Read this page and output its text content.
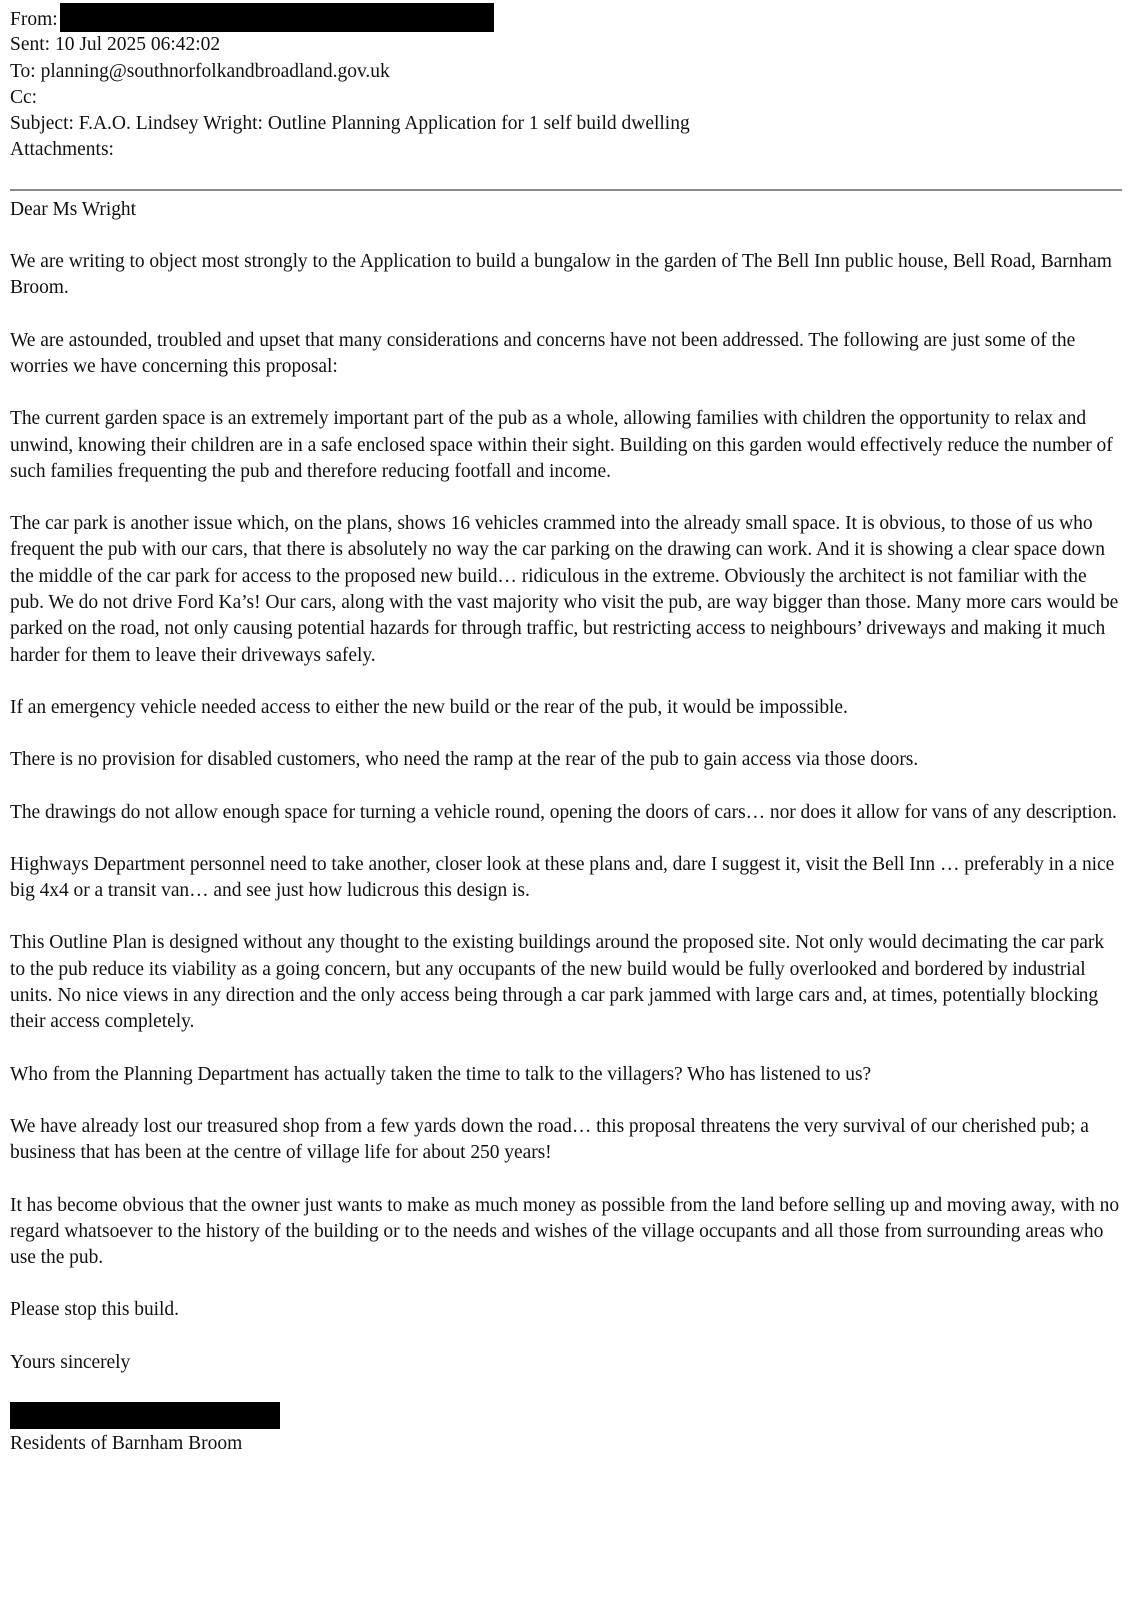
From:
Sent: 10 Jul 2025 06:42:02
To: planning@southnorfolkandbroadland.gov.uk
Cc:
Subject: F.A.O. Lindsey Wright: Outline Planning Application for 1 self build dwelling
Attachments:

Dear Ms Wright

We are writing to object most strongly to the Application to build a bungalow in the garden of The Bell Inn public house, Bell Road, Barnham Broom.

We are astounded, troubled and upset that many considerations and concerns have not been addressed. The following are just some of the worries we have concerning this proposal:

The current garden space is an extremely important part of the pub as a whole, allowing families with children the opportunity to relax and unwind, knowing their children are in a safe enclosed space within their sight. Building on this garden would effectively reduce the number of such families frequenting the pub and therefore reducing footfall and income.

The car park is another issue which, on the plans, shows 16 vehicles crammed into the already small space. It is obvious, to those of us who frequent the pub with our cars, that there is absolutely no way the car parking on the drawing can work. And it is showing a clear space down the middle of the car park for access to the proposed new build… ridiculous in the extreme. Obviously the architect is not familiar with the pub. We do not drive Ford Ka’s! Our cars, along with the vast majority who visit the pub, are way bigger than those. Many more cars would be parked on the road, not only causing potential hazards for through traffic, but restricting access to neighbours’ driveways and making it much harder for them to leave their driveways safely.

If an emergency vehicle needed access to either the new build or the rear of the pub, it would be impossible.

There is no provision for disabled customers, who need the ramp at the rear of the pub to gain access via those doors.

The drawings do not allow enough space for turning a vehicle round, opening the doors of cars… nor does it allow for vans of any description.

Highways Department personnel need to take another, closer look at these plans and, dare I suggest it, visit the Bell Inn … preferably in a nice big 4x4 or a transit van… and see just how ludicrous this design is.

This Outline Plan is designed without any thought to the existing buildings around the proposed site. Not only would decimating the car park to the pub reduce its viability as a going concern, but any occupants of the new build would be fully overlooked and bordered by industrial units. No nice views in any direction and the only access being through a car park jammed with large cars and, at times, potentially blocking their access completely.

Who from the Planning Department has actually taken the time to talk to the villagers? Who has listened to us?

We have already lost our treasured shop from a few yards down the road… this proposal threatens the very survival of our cherished pub; a business that has been at the centre of village life for about 250 years!

It has become obvious that the owner just wants to make as much money as possible from the land before selling up and moving away, with no regard whatsoever to the history of the building or to the needs and wishes of the village occupants and all those from surrounding areas who use the pub.

Please stop this build.

Yours sincerely

Residents of Barnham Broom
